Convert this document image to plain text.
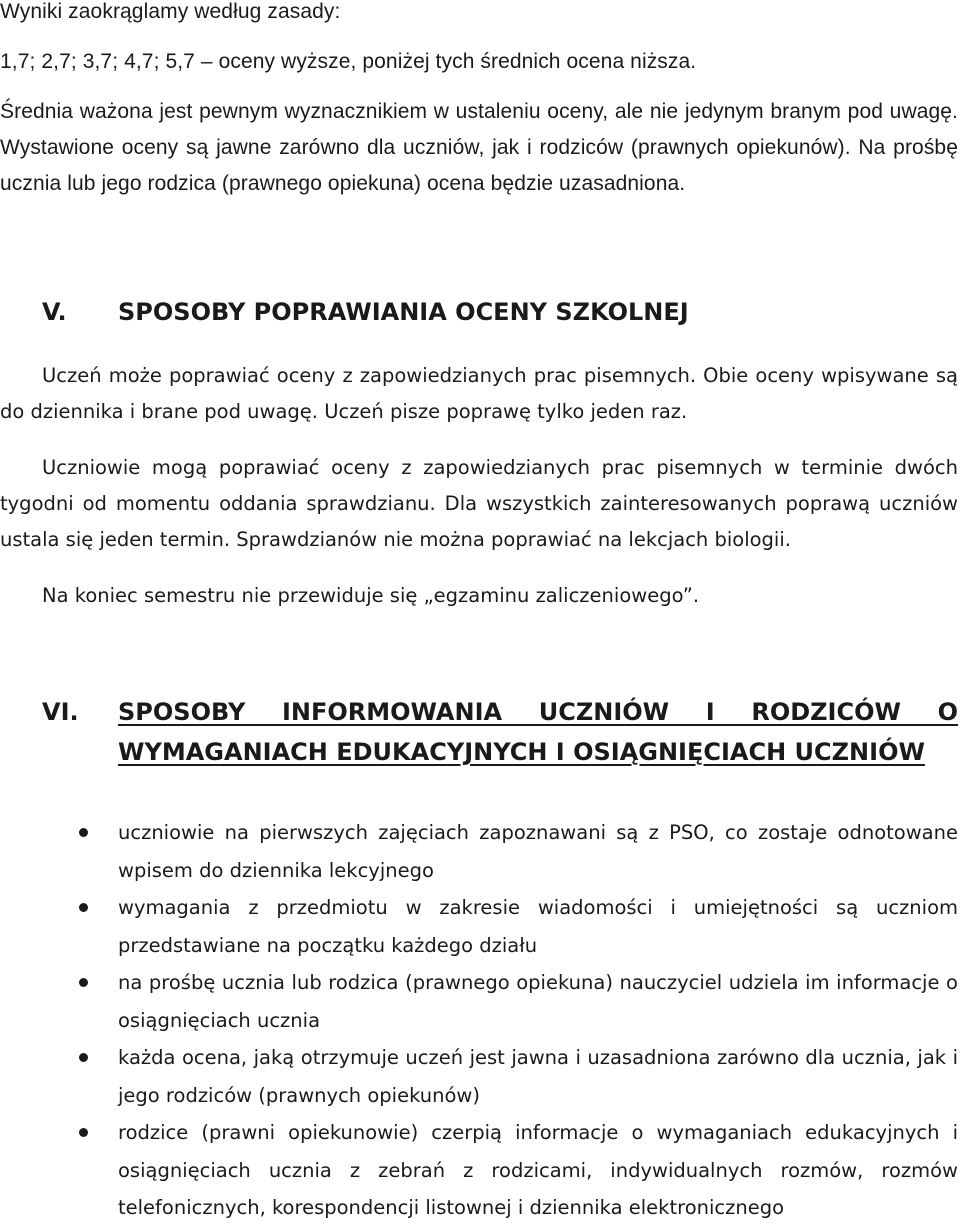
Wyniki zaokrąglamy według zasady:

1,7; 2,7; 3,7; 4,7; 5,7 – oceny wyższe, poniżej tych średnich ocena niższa.

Średnia ważona jest pewnym wyznacznikiem w ustaleniu oceny, ale nie jedynym branym pod uwagę. Wystawione oceny są jawne zarówno dla uczniów, jak i rodziców (prawnych opiekunów). Na prośbę ucznia lub jego rodzica (prawnego opiekuna) ocena będzie uzasadniona.

V. SPOSOBY POPRAWIANIA OCENY SZKOLNEJ

Uczeń może poprawiać oceny z zapowiedzianych prac pisemnych. Obie oceny wpisywane są do dziennika i brane pod uwagę. Uczeń pisze poprawę tylko jeden raz.

Uczniowie mogą poprawiać oceny z zapowiedzianych prac pisemnych w terminie dwóch tygodni od momentu oddania sprawdzianu. Dla wszystkich zainteresowanych poprawą uczniów ustala się jeden termin. Sprawdzianów nie można poprawiać na lekcjach biologii.

Na koniec semestru nie przewiduje się „egzaminu zaliczeniowego”.

VI. SPOSOBY INFORMOWANIA UCZNIÓW I RODZICÓW O
WYMAGANIACH EDUKACYJNYCH I OSIĄGNIĘCIACH UCZNIÓW
uczniowie na pierwszych zajęciach zapoznawani są z PSO, co zostaje odnotowane wpisem do dziennika lekcyjnego
wymagania z przedmiotu w zakresie wiadomości i umiejętności są uczniom przedstawiane na początku każdego działu
na prośbę ucznia lub rodzica (prawnego opiekuna) nauczyciel udziela im informacje o osiągnięciach ucznia
każda ocena, jaką otrzymuje uczeń jest jawna i uzasadniona zarówno dla ucznia, jak i jego rodziców (prawnych opiekunów)
rodzice (prawni opiekunowie) czerpią informacje o wymaganiach edukacyjnych i osiągnięciach ucznia z zebrań z rodzicami, indywidualnych rozmów, rozmów telefonicznych, korespondencji listownej i dziennika elektronicznego
